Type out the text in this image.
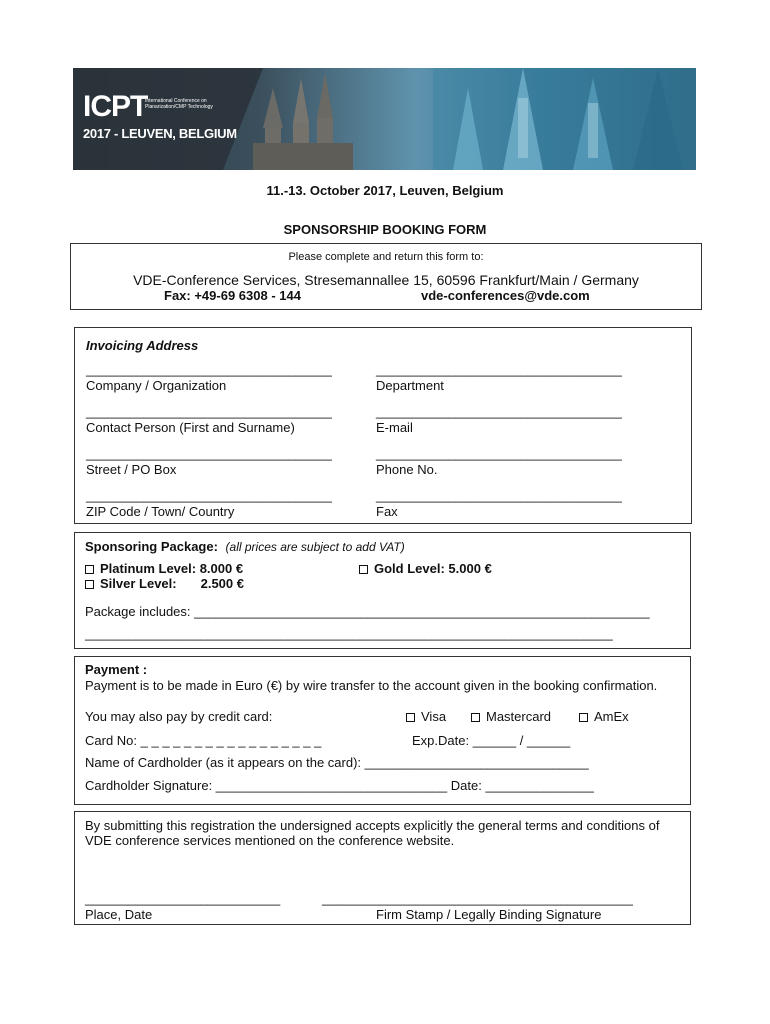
ICPT
International Conference on Planarization/CMP Technology
2017 - LEUVEN, BELGIUM
11.-13. October 2017, Leuven, Belgium
SPONSORSHIP BOOKING FORM
Please complete and return this form to:
VDE-Conference Services, Stresemannallee 15, 60596 Frankfurt/Main / Germany
Fax: +49-69 6308 - 144	vde-conferences@vde.com
Invoicing Address
__________________________________
Company / Organization
__________________________________
Department
__________________________________
Contact Person (First and Surname)
__________________________________
E-mail
__________________________________
Street / PO Box
__________________________________
Phone No.
__________________________________
ZIP Code / Town/ Country
__________________________________
Fax
Sponsoring Package: (all prices are subject to add VAT)
Platinum Level: 8.000 €
Silver Level: 2.500 €
Gold Level: 5.000 €
Package includes: _______________________________________________________________
_________________________________________________________________________
Payment :
Payment is to be made in Euro (€) by wire transfer to the account given in the booking confirmation.
You may also pay by credit card:	Visa	Mastercard	AmEx
Card No: _ _ _ _ _ _ _ _ _ _ _ _ _ _ _ _ _	Exp.Date: ______ / ______
Name of Cardholder (as it appears on the card): _______________________________
Cardholder Signature: ________________________________ Date: _______________
By submitting this registration the undersigned accepts explicitly the general terms and conditions of VDE conference services mentioned on the conference website.
___________________________	___________________________________________
Place, Date	Firm Stamp / Legally Binding Signature
